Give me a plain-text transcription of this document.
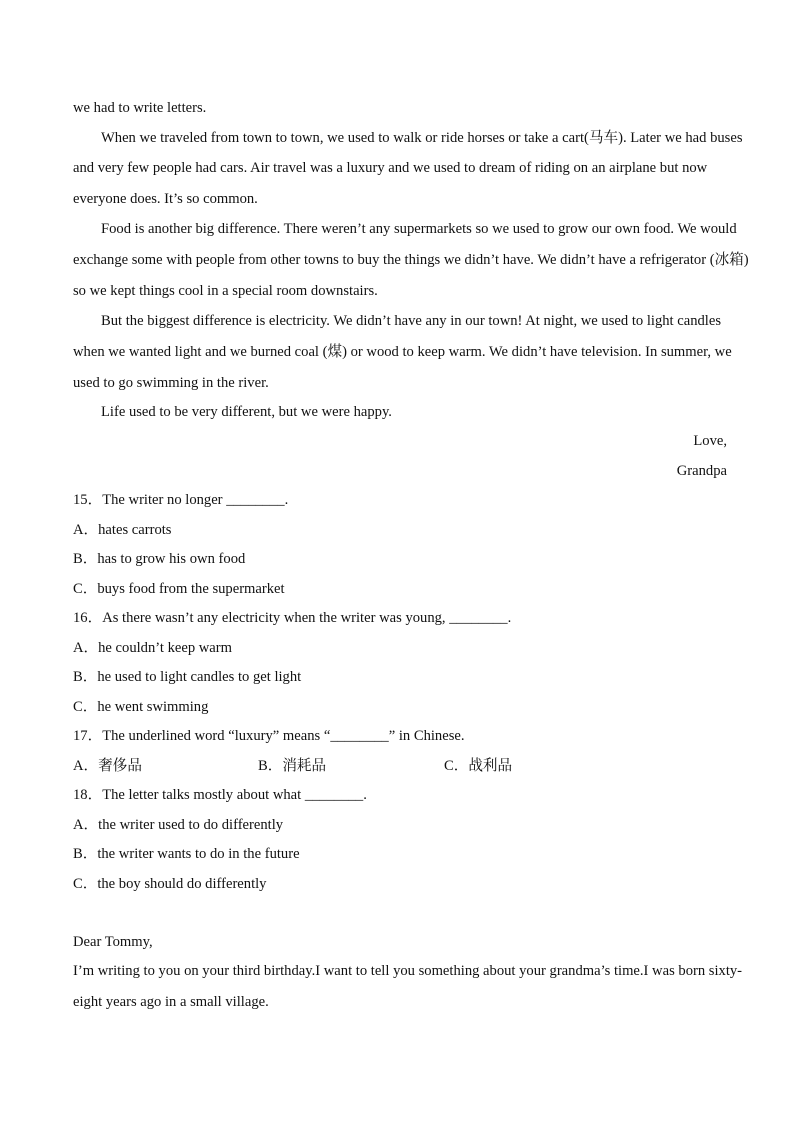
we had to write letters.
When we traveled from town to town, we used to walk or ride horses or take a cart(马车). Later we had buses
and very few people had cars. Air travel was a luxury and we used to dream of riding on an airplane but now
everyone does. It’s so common.
Food is another big difference. There weren’t any supermarkets so we used to grow our own food. We would
exchange some with people from other towns to buy the things we didn’t have. We didn’t have a refrigerator (冰箱)
so we kept things cool in a special room downstairs.
But the biggest difference is electricity. We didn’t have any in our town! At night, we used to light candles
when we wanted light and we burned coal (煤) or wood to keep warm. We didn’t have television. In summer, we
used to go swimming in the river.
Life used to be very different, but we were happy.
Love,
Grandpa
15．The writer no longer ________.
A．hates carrots
B．has to grow his own food
C．buys food from the supermarket
16．As there wasn’t any electricity when the writer was young, ________.
A．he couldn’t keep warm
B．he used to light candles to get light
C．he went swimming
17．The underlined word “luxury” means “________” in Chinese.
A．奢侈品	B．消耗品	C．战利品
18．The letter talks mostly about what ________.
A．the writer used to do differently
B．the writer wants to do in the future
C．the boy should do differently
Dear Tommy,
I’m writing to you on your third birthday.I want to tell you something about your grandma’s time.I was born sixty-
eight years ago in a small village.
